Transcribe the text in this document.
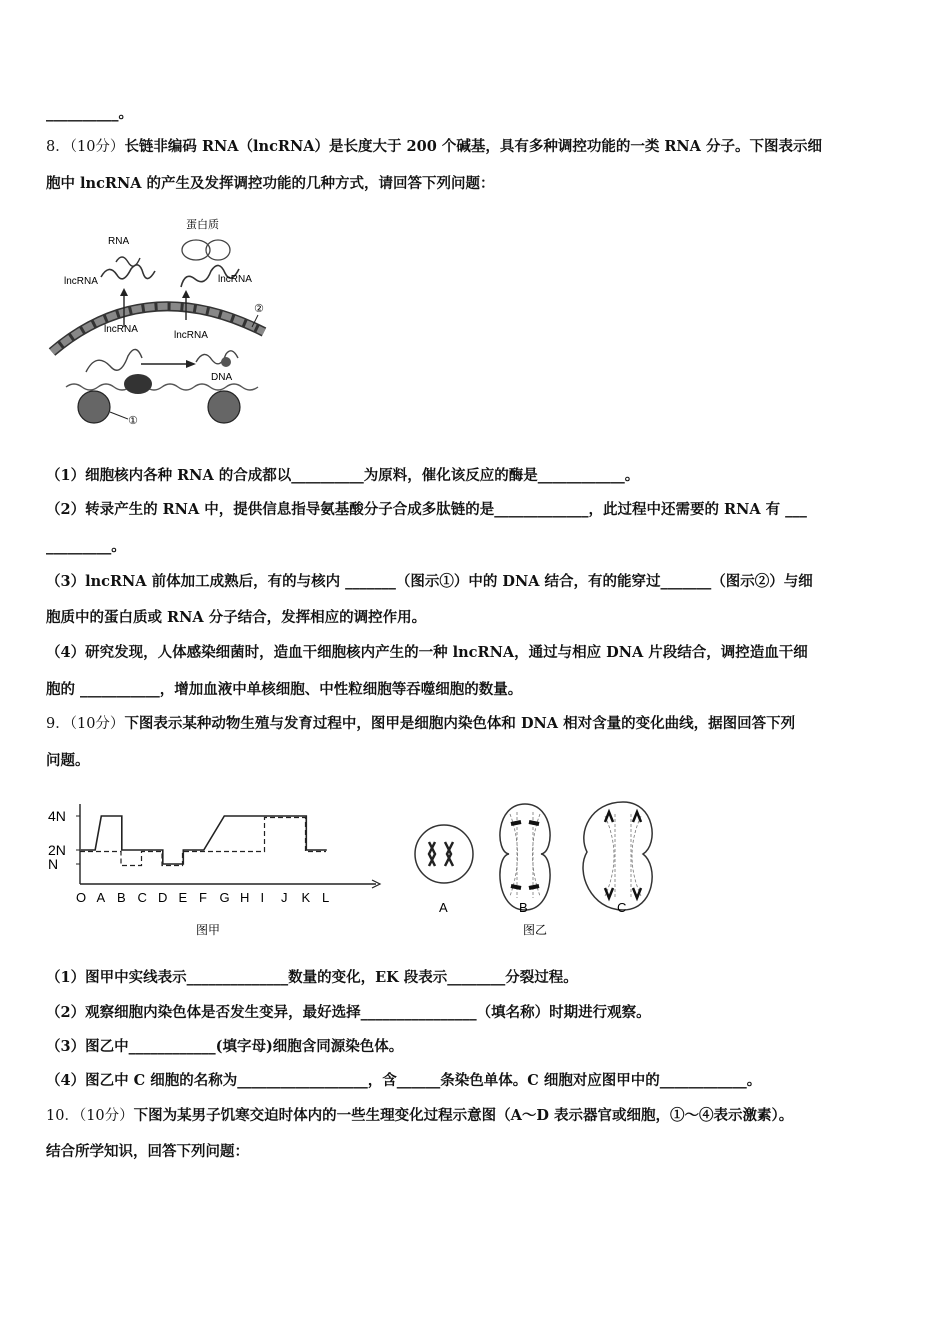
__________。
8．（10分）长链非编码 RNA（lncRNA）是长度大于 200 个碱基，具有多种调控功能的一类 RNA 分子。下图表示细
胞中 lncRNA 的产生及发挥调控功能的几种方式，请回答下列问题：
蛋白质
RNA
lncRNA	lncRNA
lncRNA
lncRNA
DNA
①
②
（1）细胞核内各种 RNA 的合成都以__________为原料，催化该反应的酶是____________。
（2）转录产生的 RNA 中，提供信息指导氨基酸分子合成多肽链的是_____________，此过程中还需要的 RNA 有 ___
_________。
（3）lncRNA 前体加工成熟后，有的与核内 _______（图示①）中的 DNA 结合，有的能穿过_______（图示②）与细
胞质中的蛋白质或 RNA 分子结合，发挥相应的调控作用。
（4）研究发现，人体感染细菌时，造血干细胞核内产生的一种 lncRNA，通过与相应 DNA 片段结合，调控造血干细
胞的 ___________，增加血液中单核细胞、中性粒细胞等吞噬细胞的数量。
9．（10分）下图表示某种动物生殖与发育过程中，图甲是细胞内染色体和 DNA 相对含量的变化曲线，据图回答下列
问题。
O A B C D E F G H I J K L
4N
2N
N
图甲
A	B	C
图乙
（1）图甲中实线表示______________数量的变化，EK 段表示________分裂过程。
（2）观察细胞内染色体是否发生变异，最好选择________________（填名称）时期进行观察。
（3）图乙中____________(填字母)细胞含同源染色体。
（4）图乙中 C 细胞的名称为__________________，含______条染色单体。C 细胞对应图甲中的____________。
10．（10分）下图为某男子饥寒交迫时体内的一些生理变化过程示意图（A～D 表示器官或细胞，①～④表示激素）。
结合所学知识，回答下列问题：
